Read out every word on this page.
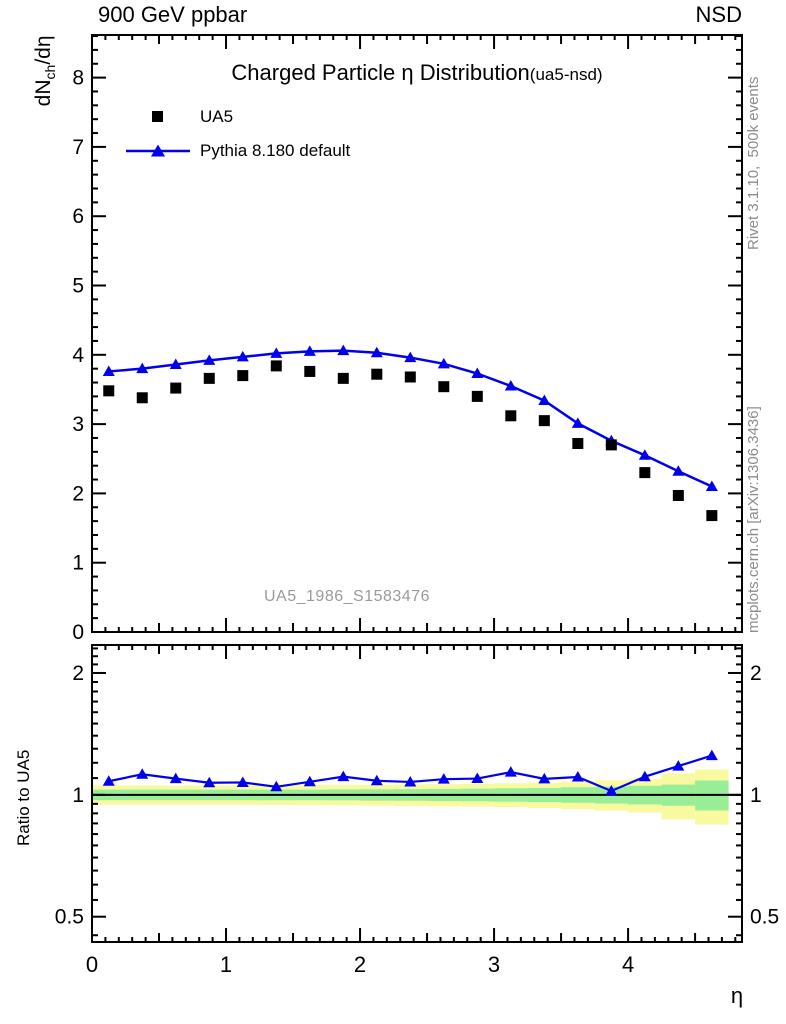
0
1
2
3
4
5
6
7
8
0	1	2	3	4
2	2
1	1
0.5	0.5
η
900 GeV ppbar	NSD
Charged Particle η Distribution(ua5-nsd)
UA5
Pythia 8.180 default
UA5_1986_S1583476

$dN_{ch}/d\eta$

Ratio to UA5
Rivet 3.1.10,  500k events
mcplots.cern.ch [arXiv:1306.3436]
